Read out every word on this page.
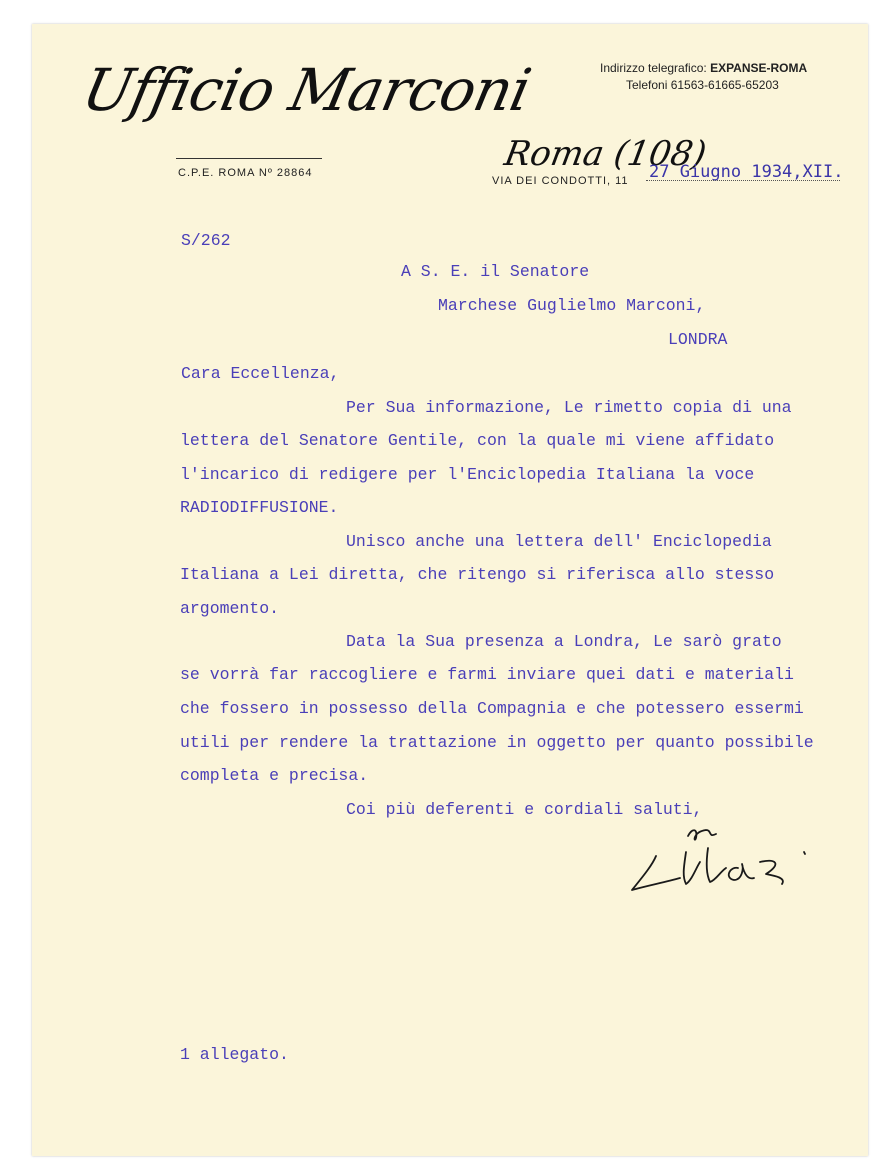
Ufficio Marconi
C.P.E. ROMA Nº 28864
Indirizzo telegrafico: EXPANSE-ROMA
Telefoni 61563-61665-65203
Roma (108)
VIA DEI CONDOTTI, 11 27 Giugno 1934,XII.
S/262
A S. E. il Senatore
Marchese Guglielmo Marconi,
LONDRA
Cara Eccellenza,
Per Sua informazione, Le rimetto copia di una
lettera del Senatore Gentile, con la quale mi viene affidato
l'incarico di redigere per l'Enciclopedia Italiana la voce
RADIODIFFUSIONE.
Unisco anche una lettera dell' Enciclopedia
Italiana a Lei diretta, che ritengo si riferisca allo stesso
argomento.
Data la Sua presenza a Londra, Le sarò grato
se vorrà far raccogliere e farmi inviare quei dati e materiali
che fossero in possesso della Compagnia e che potessero essermi
utili per rendere la trattazione in oggetto per quanto possibile
completa e precisa.
Coi più deferenti e cordiali saluti,
1 allegato.
